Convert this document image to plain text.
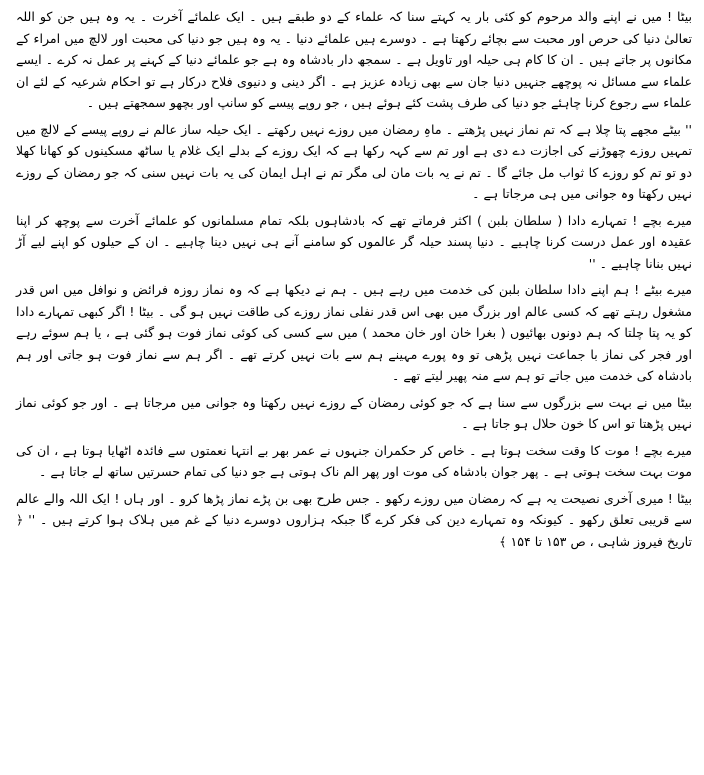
بیٹا ! میں نے اپنے والد مرحوم کو کئی بار یہ کہتے سنا کہ علماء کے دو طبقے ہیں ۔ ایک علمائے آخرت ۔ یہ وہ ہیں جن کو اللہ تعالیٰ دنیا کی حرص اور محبت سے بچائے رکھتا ہے ۔ دوسرے ہیں علمائے دنیا ۔ یہ وہ ہیں جو دنیا کی محبت اور لالچ میں امراء کے مکانوں پر جاتے ہیں ۔ ان کا کام ہی حیلہ اور تاویل ہے ۔ سمجھ دار بادشاہ وہ ہے جو علمائے دنیا کے کہنے پر عمل نہ کرے ۔ ایسے علماء سے مسائل نہ پوچھے جنہیں دنیا جان سے بھی زیادہ عزیز ہے ۔ اگر دینی و دنیوی فلاح درکار ہے تو احکام شرعیہ کے لئے ان علماء سے رجوع کرنا چاہئے جو دنیا کی طرف پشت کئے ہوئے ہیں ، جو روپے پیسے کو سانپ اور بچھو سمجھتے ہیں ۔

'' بیٹے مجھے پتا چلا ہے کہ تم نماز نہیں پڑھتے ۔ ماہِ رمضان میں روزے نہیں رکھتے ۔ ایک حیلہ ساز عالم نے روپے پیسے کے لالچ میں تمہیں روزے چھوڑنے کی اجازت دے دی ہے اور تم سے کہہ رکھا ہے کہ ایک روزے کے بدلے ایک غلام یا ساٹھ مسکینوں کو کھانا کھلا دو تو تم کو روزے کا ثواب مل جائے گا ۔ تم نے یہ بات مان لی مگر تم نے اہل ایمان کی یہ بات نہیں سنی کہ جو رمضان کے روزے نہیں رکھتا وہ جوانی میں ہی مرجاتا ہے ۔

میرے بچے ! تمہارے دادا ( سلطان بلبن ) اکثر فرماتے تھے کہ بادشاہوں بلکہ تمام مسلمانوں کو علمائے آخرت سے پوچھ کر اپنا عقیدہ اور عمل درست کرنا چاہیے ۔ دنیا پسند حیلہ گر عالموں کو سامنے آنے ہی نہیں دینا چاہیے ۔ ان کے حیلوں کو اپنے لیے آڑ نہیں بنانا چاہیے ۔ ''

میرے بیٹے ! ہم اپنے دادا سلطان بلبن کی خدمت میں رہے ہیں ۔ ہم نے دیکھا ہے کہ وہ نماز روزہ فرائض و نوافل میں اس قدر مشغول رہتے تھے کہ کسی عالم اور بزرگ میں بھی اس قدر نفلی نماز روزے کی طاقت نہیں ہو گی ۔ بیٹا ! اگر کبھی تمہارے دادا کو یہ پتا چلتا کہ ہم دونوں بھائیوں ( بغرا خان اور خان محمد ) میں سے کسی کی کوئی نماز فوت ہو گئی ہے ، یا ہم سوئے رہے اور فجر کی نماز با جماعت نہیں پڑھی تو وہ پورے مہینے ہم سے بات نہیں کرتے تھے ۔ اگر ہم سے نماز فوت ہو جاتی اور ہم بادشاہ کی خدمت میں جاتے تو ہم سے منہ پھیر لیتے تھے ۔

بیٹا میں نے بہت سے بزرگوں سے سنا ہے کہ جو کوئی رمضان کے روزے نہیں رکھتا وہ جوانی میں مرجاتا ہے ۔ اور جو کوئی نماز نہیں پڑھتا تو اس کا خون حلال ہو جاتا ہے ۔

میرے بچے ! موت کا وقت سخت ہوتا ہے ۔ خاص کر حکمران جنہوں نے عمر بھر بے انتہا نعمتوں سے فائدہ اٹھایا ہوتا ہے ، ان کی موت بہت سخت ہوتی ہے ۔ پھر جوان بادشاہ کی موت اور پھر الم ناک ہوتی ہے جو دنیا کی تمام حسرتیں ساتھ لے جاتا ہے ۔

بیٹا ! میری آخری نصیحت یہ ہے کہ رمضان میں روزے رکھو ۔ جس طرح بھی بن پڑے نماز پڑھا کرو ۔ اور ہاں ! ایک اللہ والے عالم سے قریبی تعلق رکھو ۔ کیونکہ وہ تمہارے دین کی فکر کرے گا جبکہ ہزاروں دوسرے دنیا کے غم میں ہلاک ہوا کرتے ہیں ۔ '' ﴿ تاریخ فیروز شاہی ، ص ۱۵۳ تا ۱۵۴ ﴾
